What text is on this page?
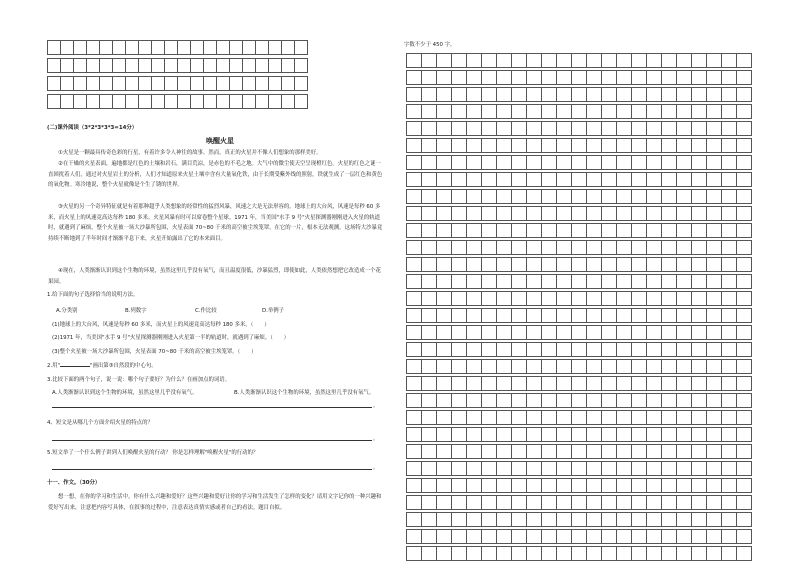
(二)课外阅读（3*2*3*3*3=14分）
唤醒火星
①火星是一颗最具传奇色彩的行星，有着许多令人神往的故事。然而，真正的火星并不像人们想象的那样美好。
②在干燥的火星表面，遍地都是红色的土壤和岩石，满目荒凉，是赤色的不毛之地。大气中的微尘使天空呈现橙红色。火星的红色之谜一直困扰着人们，通过对火星岩土的分析，人们才知道原来火星土壤中含有大量氧化铁，由于长期受紫外线的照射，铁就生成了一层红色和黄色的氧化物。寒冷地说，整个火星就像是个生了锈的世界。
③火星的另一个奇异特征就是有着那种超乎人类想象的经常性的猛烈风暴，风速之大是无法形容的。地球上的大台风，风速是每秒 60 多米，而火星上的风速竟高达每秒 180 多米。火星风暴有时可以席卷整个星球。1971 年，当美国"水手 9 号"火星探测器刚刚进入火星的轨道时，就遇到了麻烦，整个火星被一场大沙暴所包围，火星表面 70~80 千米的高空被尘埃笼罩，在它的一片，根本无法观测。这场特大沙暴竟持续不断地到了半年时间才渐渐平息下来，火星开始露出了它的本来面目。
④现在，人类渐渐认识到这个生物的环境，虽然这里几乎没有氧气，而且温度很低，沙暴猛烈，即使如此，人类依然想把它改造成一个花果园。
1.给下面的句子选择恰当的说明方法。
A.分类别	B.列数字	C.作比较	D.举例子
(1)地球上的大台风，风速是每秒 60 多米，而火星上的风速竟高达每秒 180 多米。（　　）
(2)1971 年，当美国"水手 9 号"火星探测器刚刚进入火星第一半的轨道时，就遇到了麻烦。（　　）
(3)整个火星被一场大沙暴所包围，火星表面 70~80 千米的高空被尘埃笼罩。（　　）
2.用"	"画出第③自然段的中心句。
3.比较下面的两个句子，说一说：哪个句子要好？为什么？在画加点的词语。
A.人类渐渐认识到这个生物的环境，虽然这里几乎没有氧气。	B.人类渐渐认识这个生物的环境，虽然这里几乎没有氧气。
。
4、短文是从哪几个方面介绍火星的特点的？
。
5.短文举了一个什么例子讲到人们唤醒火星的行动？ 你是怎样理解"唤醒火星"的行动的？
。
十一、作文。（30分）
想一想，在你的学习和生活中，你有什么兴趣和爱好？这些兴趣和爱好让你的学习和生活发生了怎样的变化？请用文字记你的一种兴趣和爱好写出来，注意把内容写具体，在叙事的过程中，注意表达真情实感或者自己的看法。题目自拟。
字数不少于 450 字。
